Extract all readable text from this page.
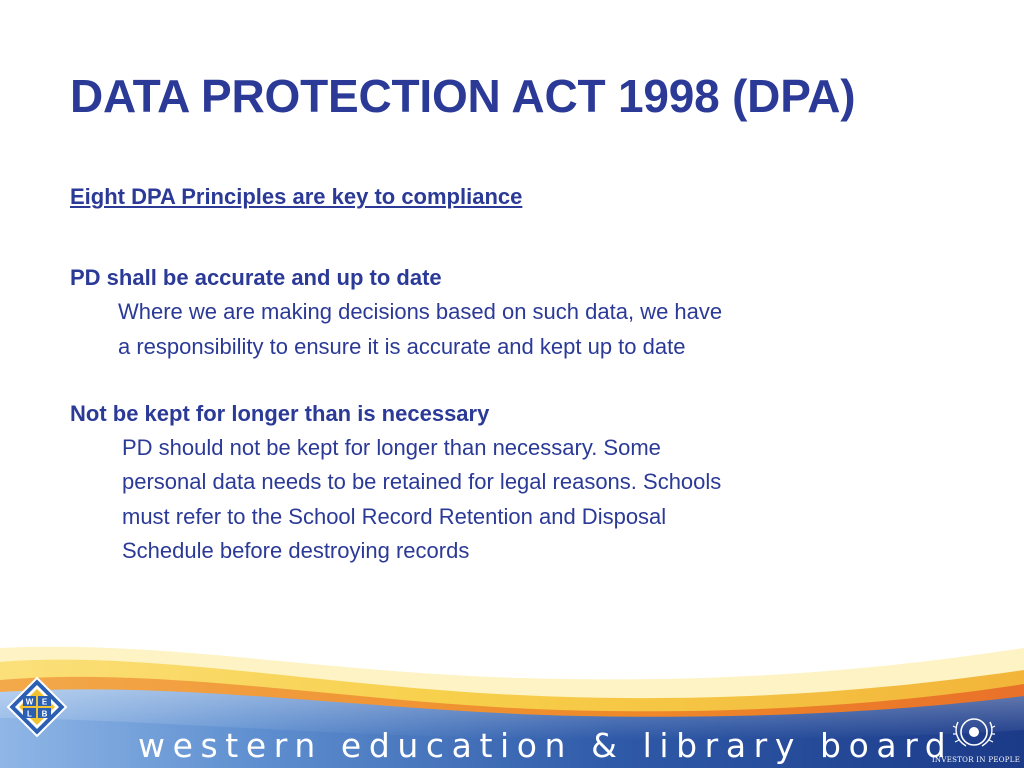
DATA PROTECTION ACT 1998 (DPA)
Eight DPA Principles are key to compliance
PD shall be accurate and up to date
Where we are making decisions based on such data, we have
a responsibility to ensure it is accurate and kept up to date
Not be kept for longer than is necessary
PD should not be kept for longer than necessary. Some
personal data needs to be retained for legal reasons. Schools
must refer to the School Record Retention and Disposal
Schedule before destroying records
W E
L B
western education & library board
INVESTOR IN PEOPLE
